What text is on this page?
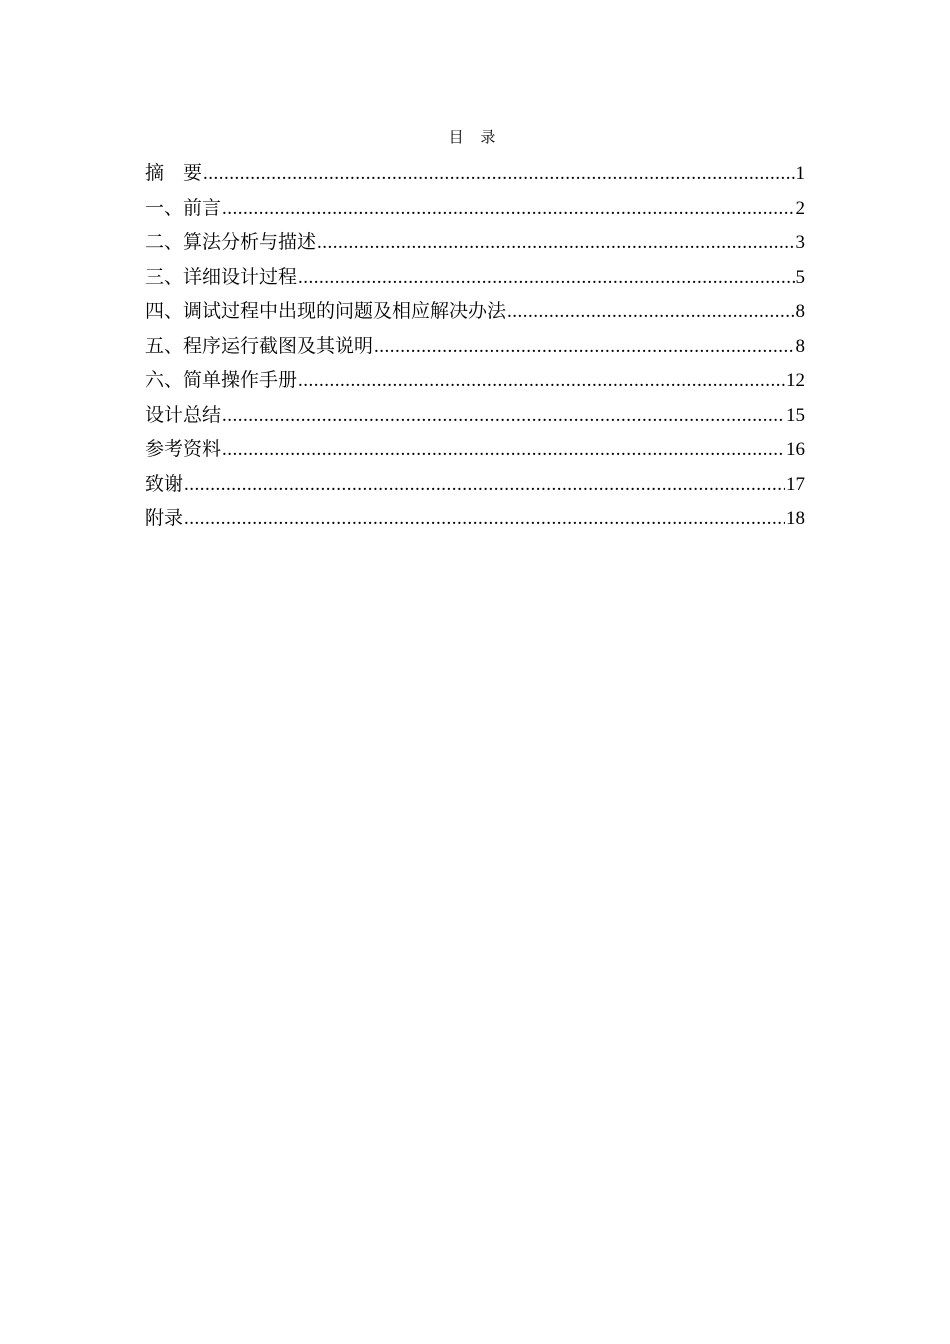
目 录
摘　要 .....	1
一、前言 .....	2
二、算法分析与描述 .....	3
三、详细设计过程 .....	5
四、调试过程中出现的问题及相应解决办法 .....	8
五、程序运行截图及其说明 .....	8
六、简单操作手册 .....	12
设计总结 .....	15
参考资料 .....	16
致谢 .....	17
附录 .....	18
